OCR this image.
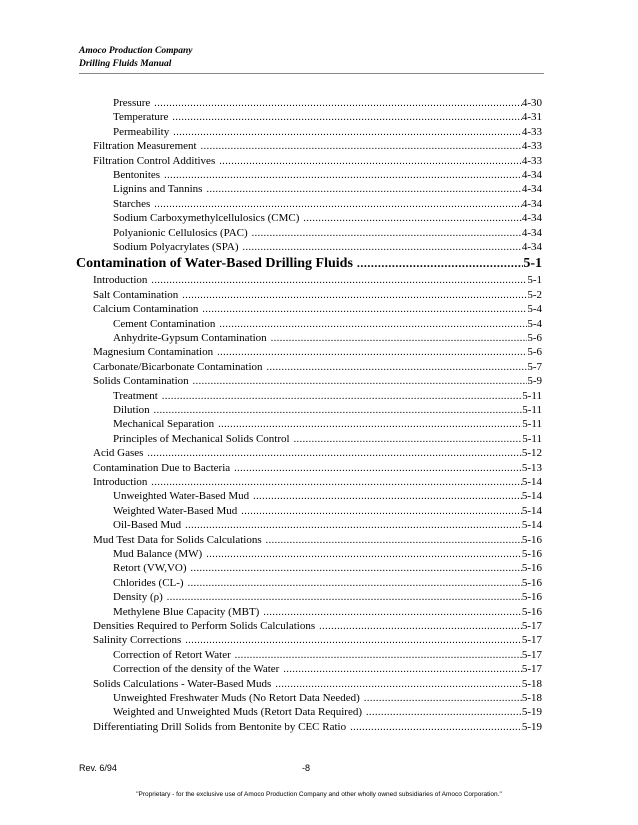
Amoco Production Company
Drilling Fluids Manual
Pressure .....	4-30
Temperature .....	4-31
Permeability .....	4-33
Filtration Measurement .....	4-33
Filtration Control Additives .....	4-33
Bentonites .....	4-34
Lignins and Tannins .....	4-34
Starches .....	4-34
Sodium Carboxymethylcellulosics (CMC) .....	4-34
Polyanionic Cellulosics (PAC) .....	4-34
Sodium Polyacrylates (SPA) .....	4-34
Contamination of Water-Based Drilling Fluids .....	5-1
Introduction .....	5-1
Salt Contamination .....	5-2
Calcium Contamination .....	5-4
Cement Contamination .....	5-4
Anhydrite-Gypsum Contamination .....	5-6
Magnesium Contamination .....	5-6
Carbonate/Bicarbonate Contamination .....	5-7
Solids Contamination .....	5-9
Treatment .....	5-11
Dilution .....	5-11
Mechanical Separation .....	5-11
Principles of Mechanical Solids Control .....	5-11
Acid Gases .....	5-12
Contamination Due to Bacteria .....	5-13
Introduction .....	5-14
Unweighted Water-Based Mud .....	5-14
Weighted Water-Based Mud .....	5-14
Oil-Based Mud .....	5-14
Mud Test Data for Solids Calculations .....	5-16
Mud Balance (MW) .....	5-16
Retort (VW,VO) .....	5-16
Chlorides (CL-) .....	5-16
Density (ρ) .....	5-16
Methylene Blue Capacity (MBT) .....	5-16
Densities Required to Perform Solids Calculations .....	5-17
Salinity Corrections .....	5-17
Correction of Retort Water .....	5-17
Correction of the density of the Water .....	5-17
Solids Calculations - Water-Based Muds .....	5-18
Unweighted Freshwater Muds (No Retort Data Needed) .....	5-18
Weighted and Unweighted Muds (Retort Data Required) .....	5-19
Differentiating Drill Solids from Bentonite by CEC Ratio .....	5-19
Rev. 6/94	-8
"Proprietary - for the exclusive use of Amoco Production Company and other wholly owned subsidiaries of Amoco Corporation."
